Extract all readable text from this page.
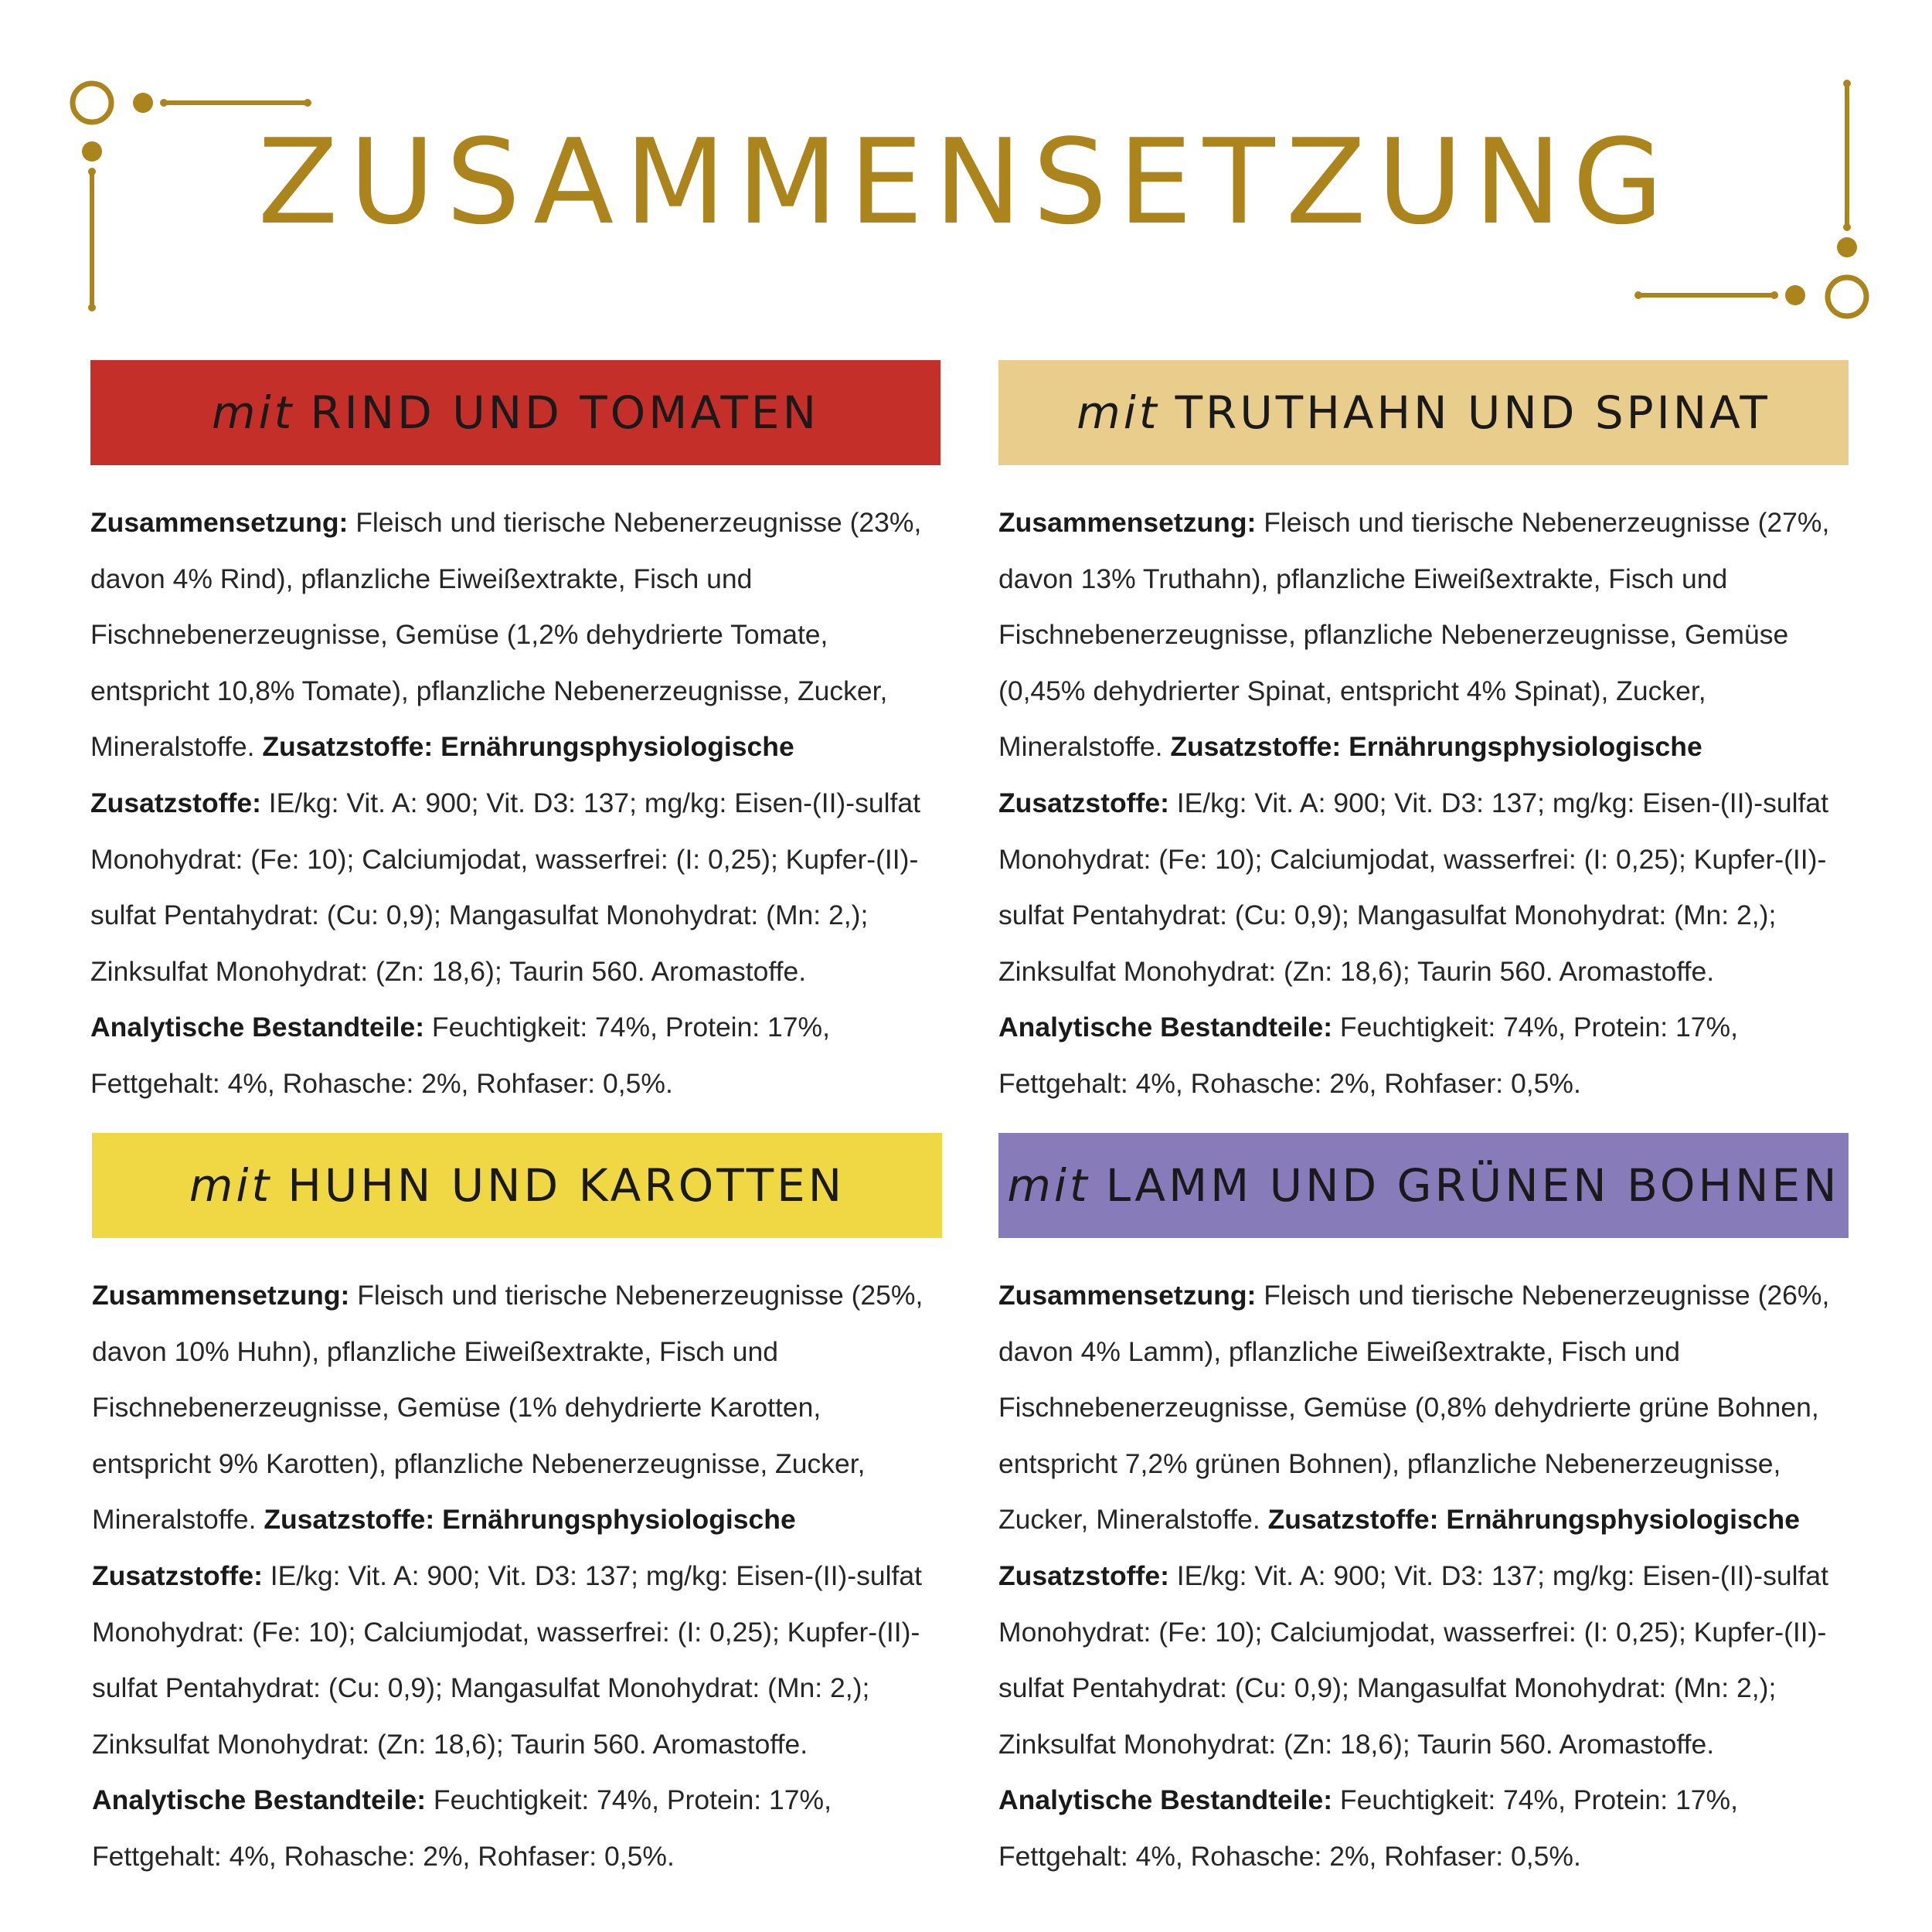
ZUSAMMENSETZUNG
mit RIND UND TOMATEN
Zusammensetzung: Fleisch und tierische Nebenerzeugnisse (23%, davon 4% Rind), pflanzliche Eiweißextrakte, Fisch und Fischnebenerzeugnisse, Gemüse (1,2% dehydrierte Tomate, entspricht 10,8% Tomate), pflanzliche Nebenerzeugnisse, Zucker, Mineralstoffe. Zusatzstoffe: Ernährungsphysiologische Zusatzstoffe: IE/kg: Vit. A: 900; Vit. D3: 137; mg/kg: Eisen-(II)-sulfat Monohydrat: (Fe: 10); Calciumjodat, wasserfrei: (I: 0,25); Kupfer-(II)-sulfat Pentahydrat: (Cu: 0,9); Mangasulfat Monohydrat: (Mn: 2,); Zinksulfat Monohydrat: (Zn: 18,6); Taurin 560. Aromastoffe. Analytische Bestandteile: Feuchtigkeit: 74%, Protein: 17%, Fettgehalt: 4%, Rohasche: 2%, Rohfaser: 0,5%.
mit TRUTHAHN UND SPINAT
Zusammensetzung: Fleisch und tierische Nebenerzeugnisse (27%, davon 13% Truthahn), pflanzliche Eiweißextrakte, Fisch und Fischnebenerzeugnisse, pflanzliche Nebenerzeugnisse, Gemüse (0,45% dehydrierter Spinat, entspricht 4% Spinat), Zucker, Mineralstoffe. Zusatzstoffe: Ernährungsphysiologische Zusatzstoffe: IE/kg: Vit. A: 900; Vit. D3: 137; mg/kg: Eisen-(II)-sulfat Monohydrat: (Fe: 10); Calciumjodat, wasserfrei: (I: 0,25); Kupfer-(II)-sulfat Pentahydrat: (Cu: 0,9); Mangasulfat Monohydrat: (Mn: 2,); Zinksulfat Monohydrat: (Zn: 18,6); Taurin 560. Aromastoffe. Analytische Bestandteile: Feuchtigkeit: 74%, Protein: 17%, Fettgehalt: 4%, Rohasche: 2%, Rohfaser: 0,5%.
mit HUHN UND KAROTTEN
Zusammensetzung: Fleisch und tierische Nebenerzeugnisse (25%, davon 10% Huhn), pflanzliche Eiweißextrakte, Fisch und Fischnebenerzeugnisse, Gemüse (1% dehydrierte Karotten, entspricht 9% Karotten), pflanzliche Nebenerzeugnisse, Zucker, Mineralstoffe. Zusatzstoffe: Ernährungsphysiologische Zusatzstoffe: IE/kg: Vit. A: 900; Vit. D3: 137; mg/kg: Eisen-(II)-sulfat Monohydrat: (Fe: 10); Calciumjodat, wasserfrei: (I: 0,25); Kupfer-(II)-sulfat Pentahydrat: (Cu: 0,9); Mangasulfat Monohydrat: (Mn: 2,); Zinksulfat Monohydrat: (Zn: 18,6); Taurin 560. Aromastoffe. Analytische Bestandteile: Feuchtigkeit: 74%, Protein: 17%, Fettgehalt: 4%, Rohasche: 2%, Rohfaser: 0,5%.
mit LAMM UND GRÜNEN BOHNEN
Zusammensetzung: Fleisch und tierische Nebenerzeugnisse (26%, davon 4% Lamm), pflanzliche Eiweißextrakte, Fisch und Fischnebenerzeugnisse, Gemüse (0,8% dehydrierte grüne Bohnen, entspricht 7,2% grünen Bohnen), pflanzliche Nebenerzeugnisse, Zucker, Mineralstoffe. Zusatzstoffe: Ernährungsphysiologische Zusatzstoffe: IE/kg: Vit. A: 900; Vit. D3: 137; mg/kg: Eisen-(II)-sulfat Monohydrat: (Fe: 10); Calciumjodat, wasserfrei: (I: 0,25); Kupfer-(II)-sulfat Pentahydrat: (Cu: 0,9); Mangasulfat Monohydrat: (Mn: 2,); Zinksulfat Monohydrat: (Zn: 18,6); Taurin 560. Aromastoffe. Analytische Bestandteile: Feuchtigkeit: 74%, Protein: 17%, Fettgehalt: 4%, Rohasche: 2%, Rohfaser: 0,5%.
